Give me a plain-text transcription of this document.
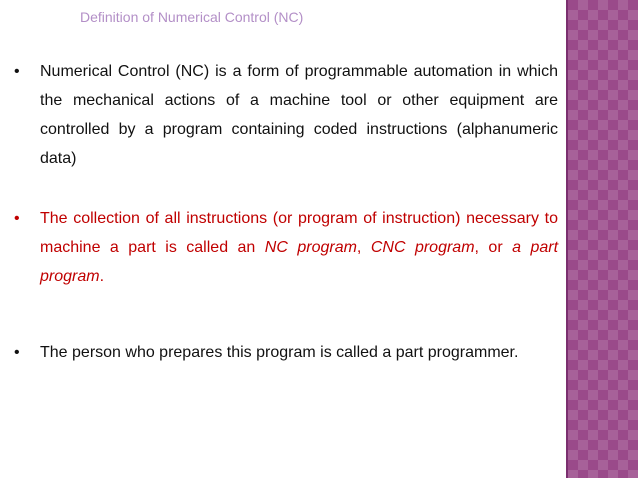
Definition of Numerical Control (NC)
• Numerical Control (NC) is a form of programmable automation in which the mechanical actions of a machine tool or other equipment are controlled by a program containing coded instructions (alphanumeric data)
• The collection of all instructions (or program of instruction) necessary to machine a part is called an NC program, CNC program, or a part program.
• The person who prepares this program is called a part programmer.
